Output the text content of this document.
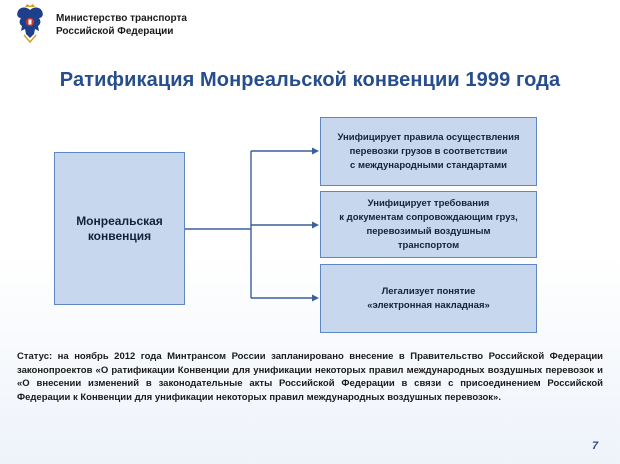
Министерство транспорта
Российской Федерации
Ратификация Монреальской конвенции 1999 года
Монреальская
конвенция
Унифицирует правила осуществления
перевозки грузов в соответствии
с международными стандартами
Унифицирует требования
к документам сопровождающим груз,
перевозимый воздушным
транспортом
Легализует понятие
«электронная накладная»
Статус: на ноябрь 2012 года Минтрансом России запланировано внесение в Правительство Российской Федерации законопроектов «О ратификации Конвенции для унификации некоторых правил международных воздушных перевозок и «О внесении изменений в законодательные акты Российской Федерации в связи с присоединением Российской Федерации к Конвенции для унификации некоторых правил международных воздушных перевозок».
7
